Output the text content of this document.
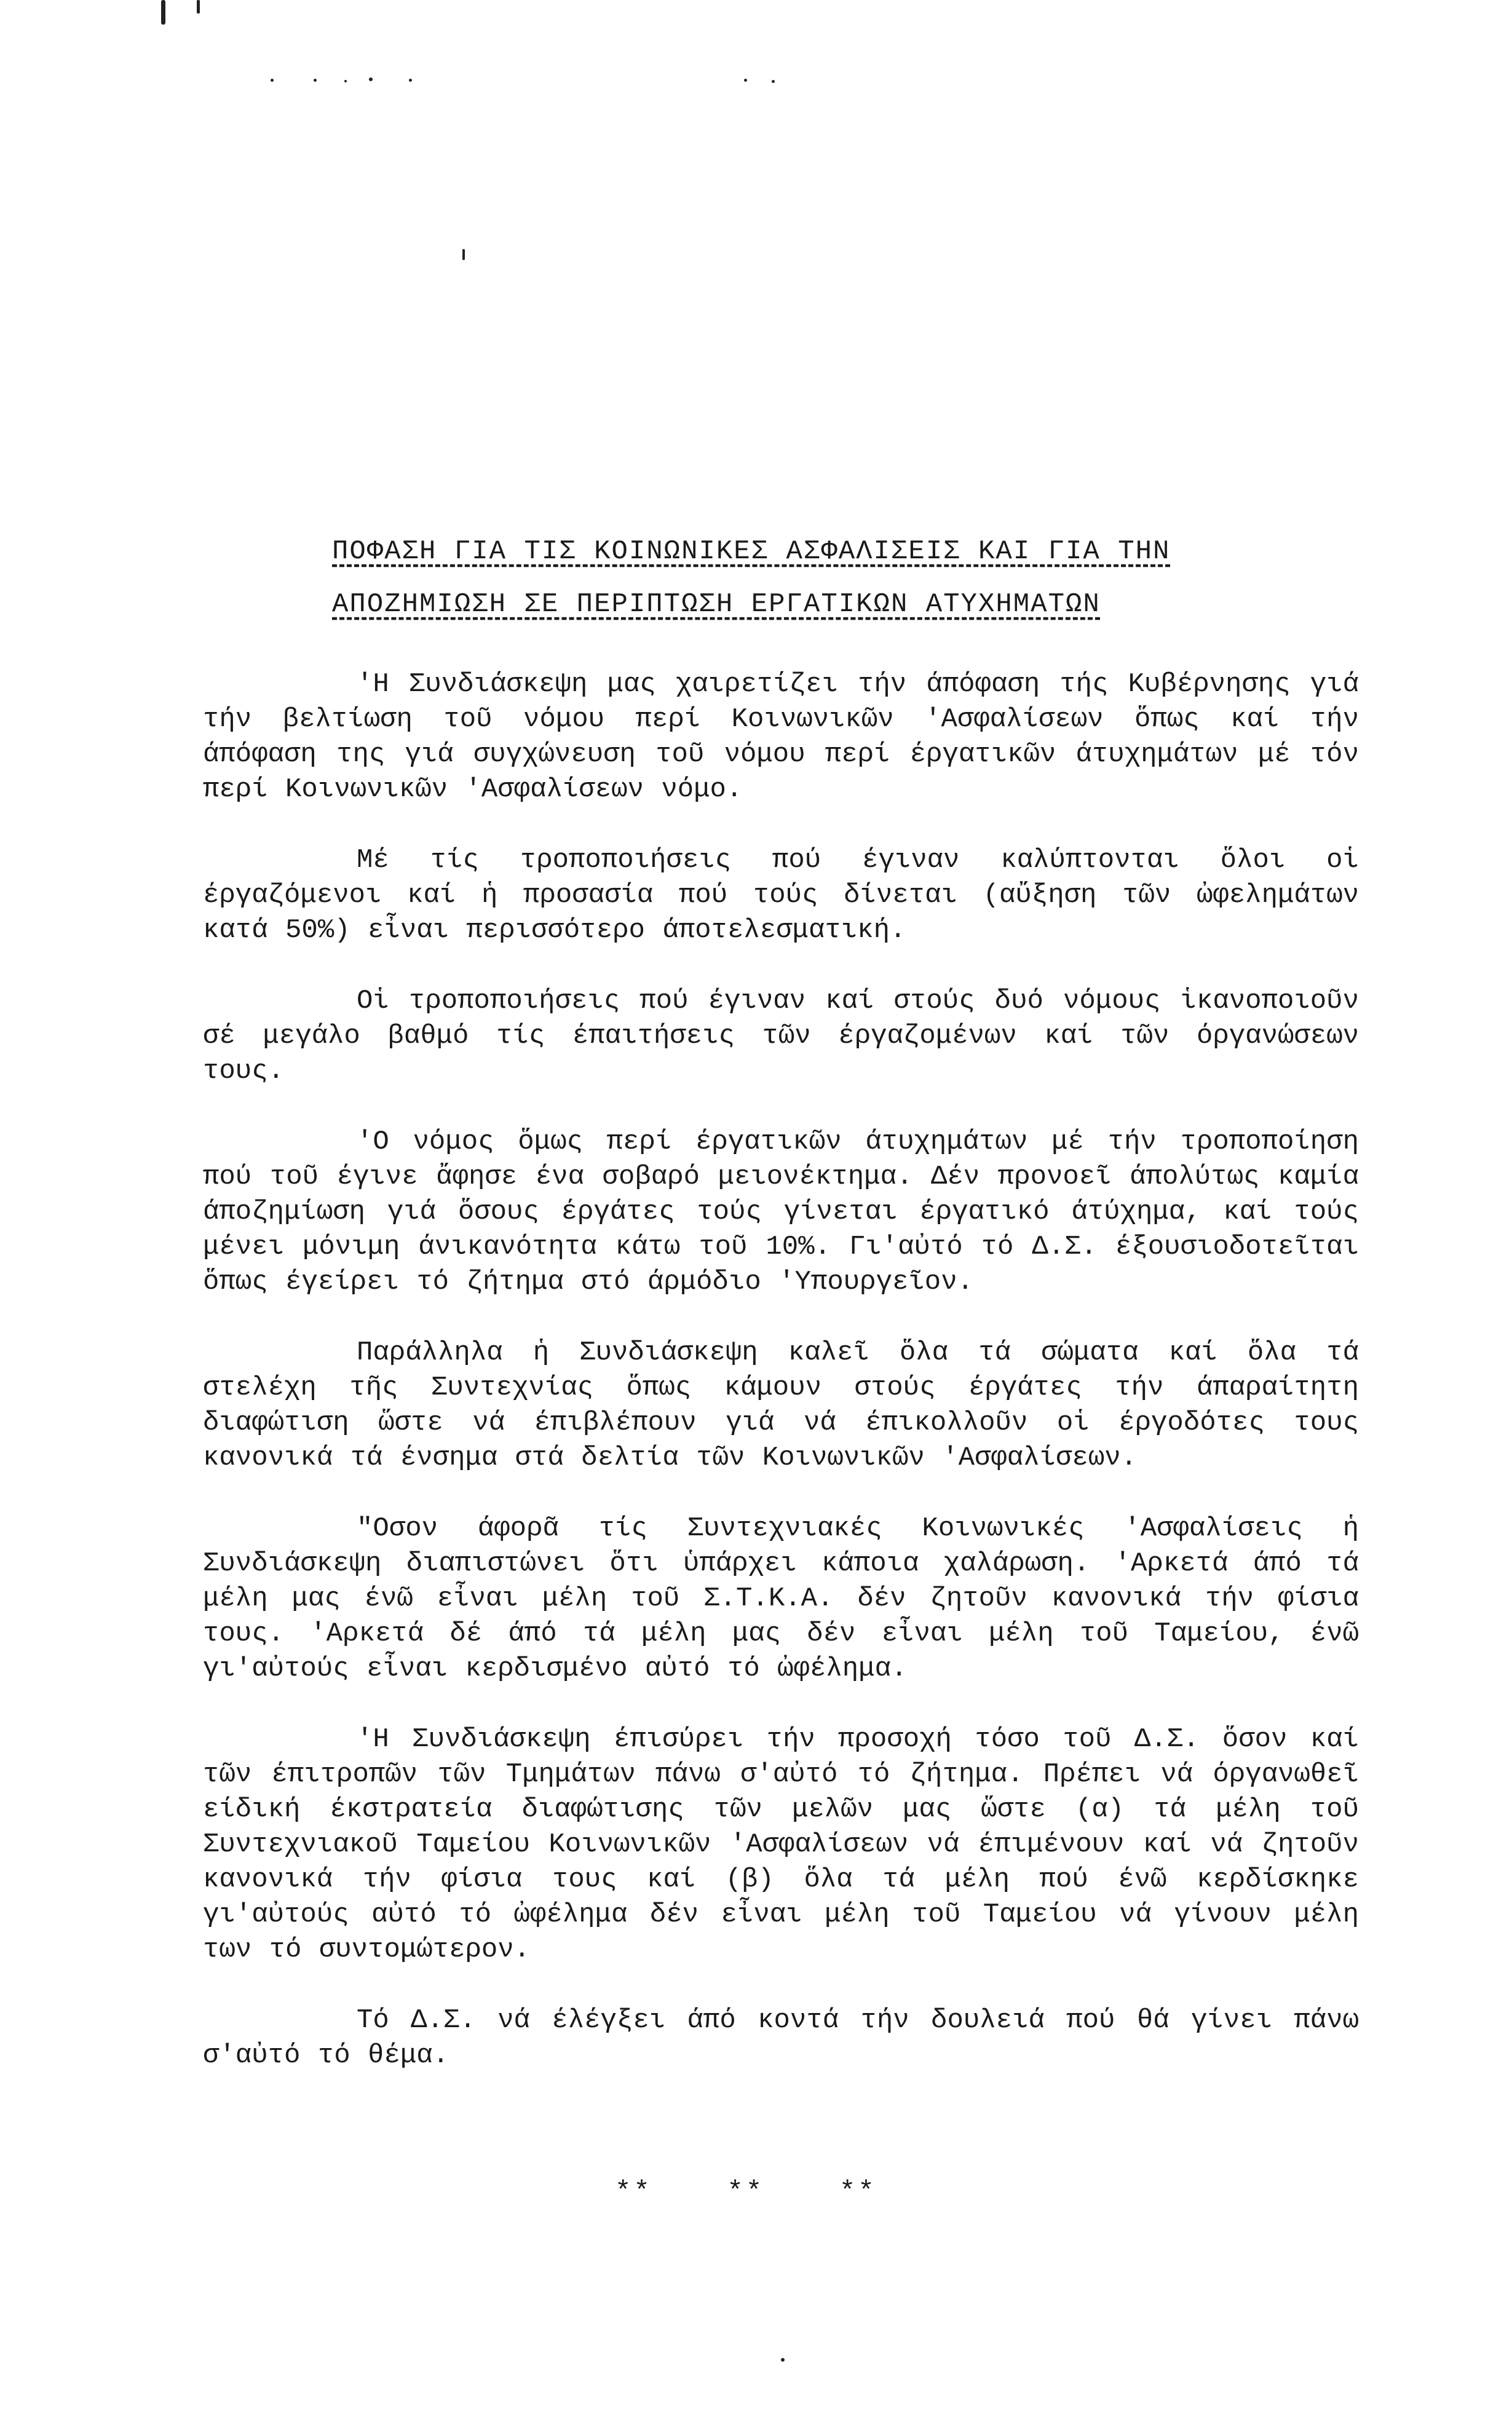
ΠΟΦΑΣΗ ΓΙΑ ΤΙΣ ΚΟΙΝΩΝΙΚΕΣ ΑΣΦΑΛΙΣΕΙΣ ΚΑΙ ΓΙΑ ΤΗΝ
ΑΠΟΖΗΜΙΩΣΗ ΣΕ ΠΕΡΙΠΤΩΣΗ ΕΡΓΑΤΙΚΩΝ ΑΤΥΧΗΜΑΤΩΝ

'Η Συνδιάσκεψη μας χαιρετίζει τήν άπόφαση τής Κυβέρνησης γιά τήν βελτίωση τοῦ νόμου περί Κοινωνικῶν 'Ασφαλίσεων ὅπως καί τήν άπόφαση της γιά συγχώνευση τοῦ νόμου περί έργατικῶν άτυχημάτων μέ τόν περί Κοινωνικῶν 'Ασφαλίσεων νόμο.

Μέ τίς τροποποιήσεις πού έγιναν καλύπτονται ὅλοι οἱ έργαζόμενοι καί ἡ προσασία πού τούς δίνεται (αὔξηση τῶν ὠφελημάτων κατά 50%) εἶναι περισσότερο άποτελεσματική.

Οἱ τροποποιήσεις πού έγιναν καί στούς δυό νόμους ἱκανοποιοῦν σέ μεγάλο βαθμό τίς έπαιτήσεις τῶν έργαζομένων καί τῶν όργανώσεων τους.

'Ο νόμος ὅμως περί έργατικῶν άτυχημάτων μέ τήν τροποποίηση πού τοῦ έγινε ἄφησε ένα σοβαρό μειονέκτημα. Δέν προνοεῖ άπολύτως καμία άποζημίωση γιά ὅσους έργάτες τούς γίνεται έργατικό άτύχημα, καί τούς μένει μόνιμη άνικανότητα κάτω τοῦ 10%. Γι'αὐτό τό Δ.Σ. έξουσιοδοτεῖται ὅπως έγείρει τό ζήτημα στό άρμόδιο 'Υπουργεῖον.

Παράλληλα ἡ Συνδιάσκεψη καλεῖ ὅλα τά σώματα καί ὅλα τά στελέχη τῆς Συντεχνίας ὅπως κάμουν στούς έργάτες τήν άπαραίτητη διαφώτιση ὥστε νά έπιβλέπουν γιά νά έπικολλοῦν οἱ έργοδότες τους κανονικά τά ένσημα στά δελτία τῶν Κοινωνικῶν 'Ασφαλίσεων.

"Οσον άφορᾶ τίς Συντεχνιακές Κοινωνικές 'Ασφαλίσεις ἡ Συνδιάσκεψη διαπιστώνει ὅτι ὑπάρχει κάποια χαλάρωση. 'Αρκετά άπό τά μέλη μας ένῶ εἶναι μέλη τοῦ Σ.Τ.Κ.Α. δέν ζητοῦν κανονικά τήν φίσια τους. 'Αρκετά δέ άπό τά μέλη μας δέν εἶναι μέλη τοῦ Ταμείου, ένῶ γι'αὐτούς εἶναι κερδισμένο αὐτό τό ὠφέλημα.

'Η Συνδιάσκεψη έπισύρει τήν προσοχή τόσο τοῦ Δ.Σ. ὅσον καί τῶν έπιτροπῶν τῶν Τμημάτων πάνω σ'αὐτό τό ζήτημα. Πρέπει νά όργανωθεῖ είδική έκστρατεία διαφώτισης τῶν μελῶν μας ὥστε (α) τά μέλη τοῦ Συντεχνιακοῦ Ταμείου Κοινωνικῶν 'Ασφαλίσεων νά έπιμένουν καί νά ζητοῦν κανονικά τήν φίσια τους καί (β) ὅλα τά μέλη πού ένῶ κερδίσκηκε γι'αὐτούς αὐτό τό ὠφέλημα δέν εἶναι μέλη τοῦ Ταμείου νά γίνουν μέλη των τό συντομώτερον.

Τό Δ.Σ. νά έλέγξει άπό κοντά τήν δουλειά πού θά γίνει πάνω σ'αὐτό τό θέμα.

**    **    **
